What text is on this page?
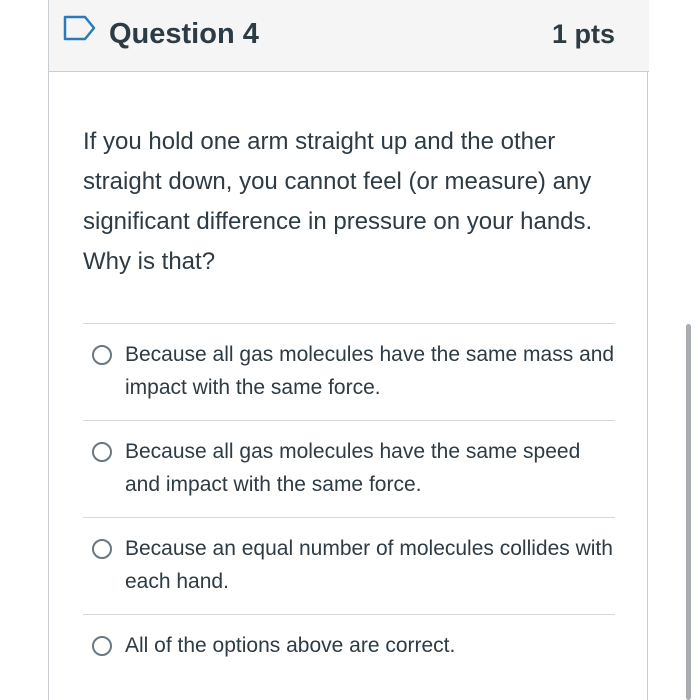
Question 4	1 pts
If you hold one arm straight up and the other straight down, you cannot feel (or measure) any significant difference in pressure on your hands. Why is that?
Because all gas molecules have the same mass and impact with the same force.
Because all gas molecules have the same speed and impact with the same force.
Because an equal number of molecules collides with each hand.
All of the options above are correct.
